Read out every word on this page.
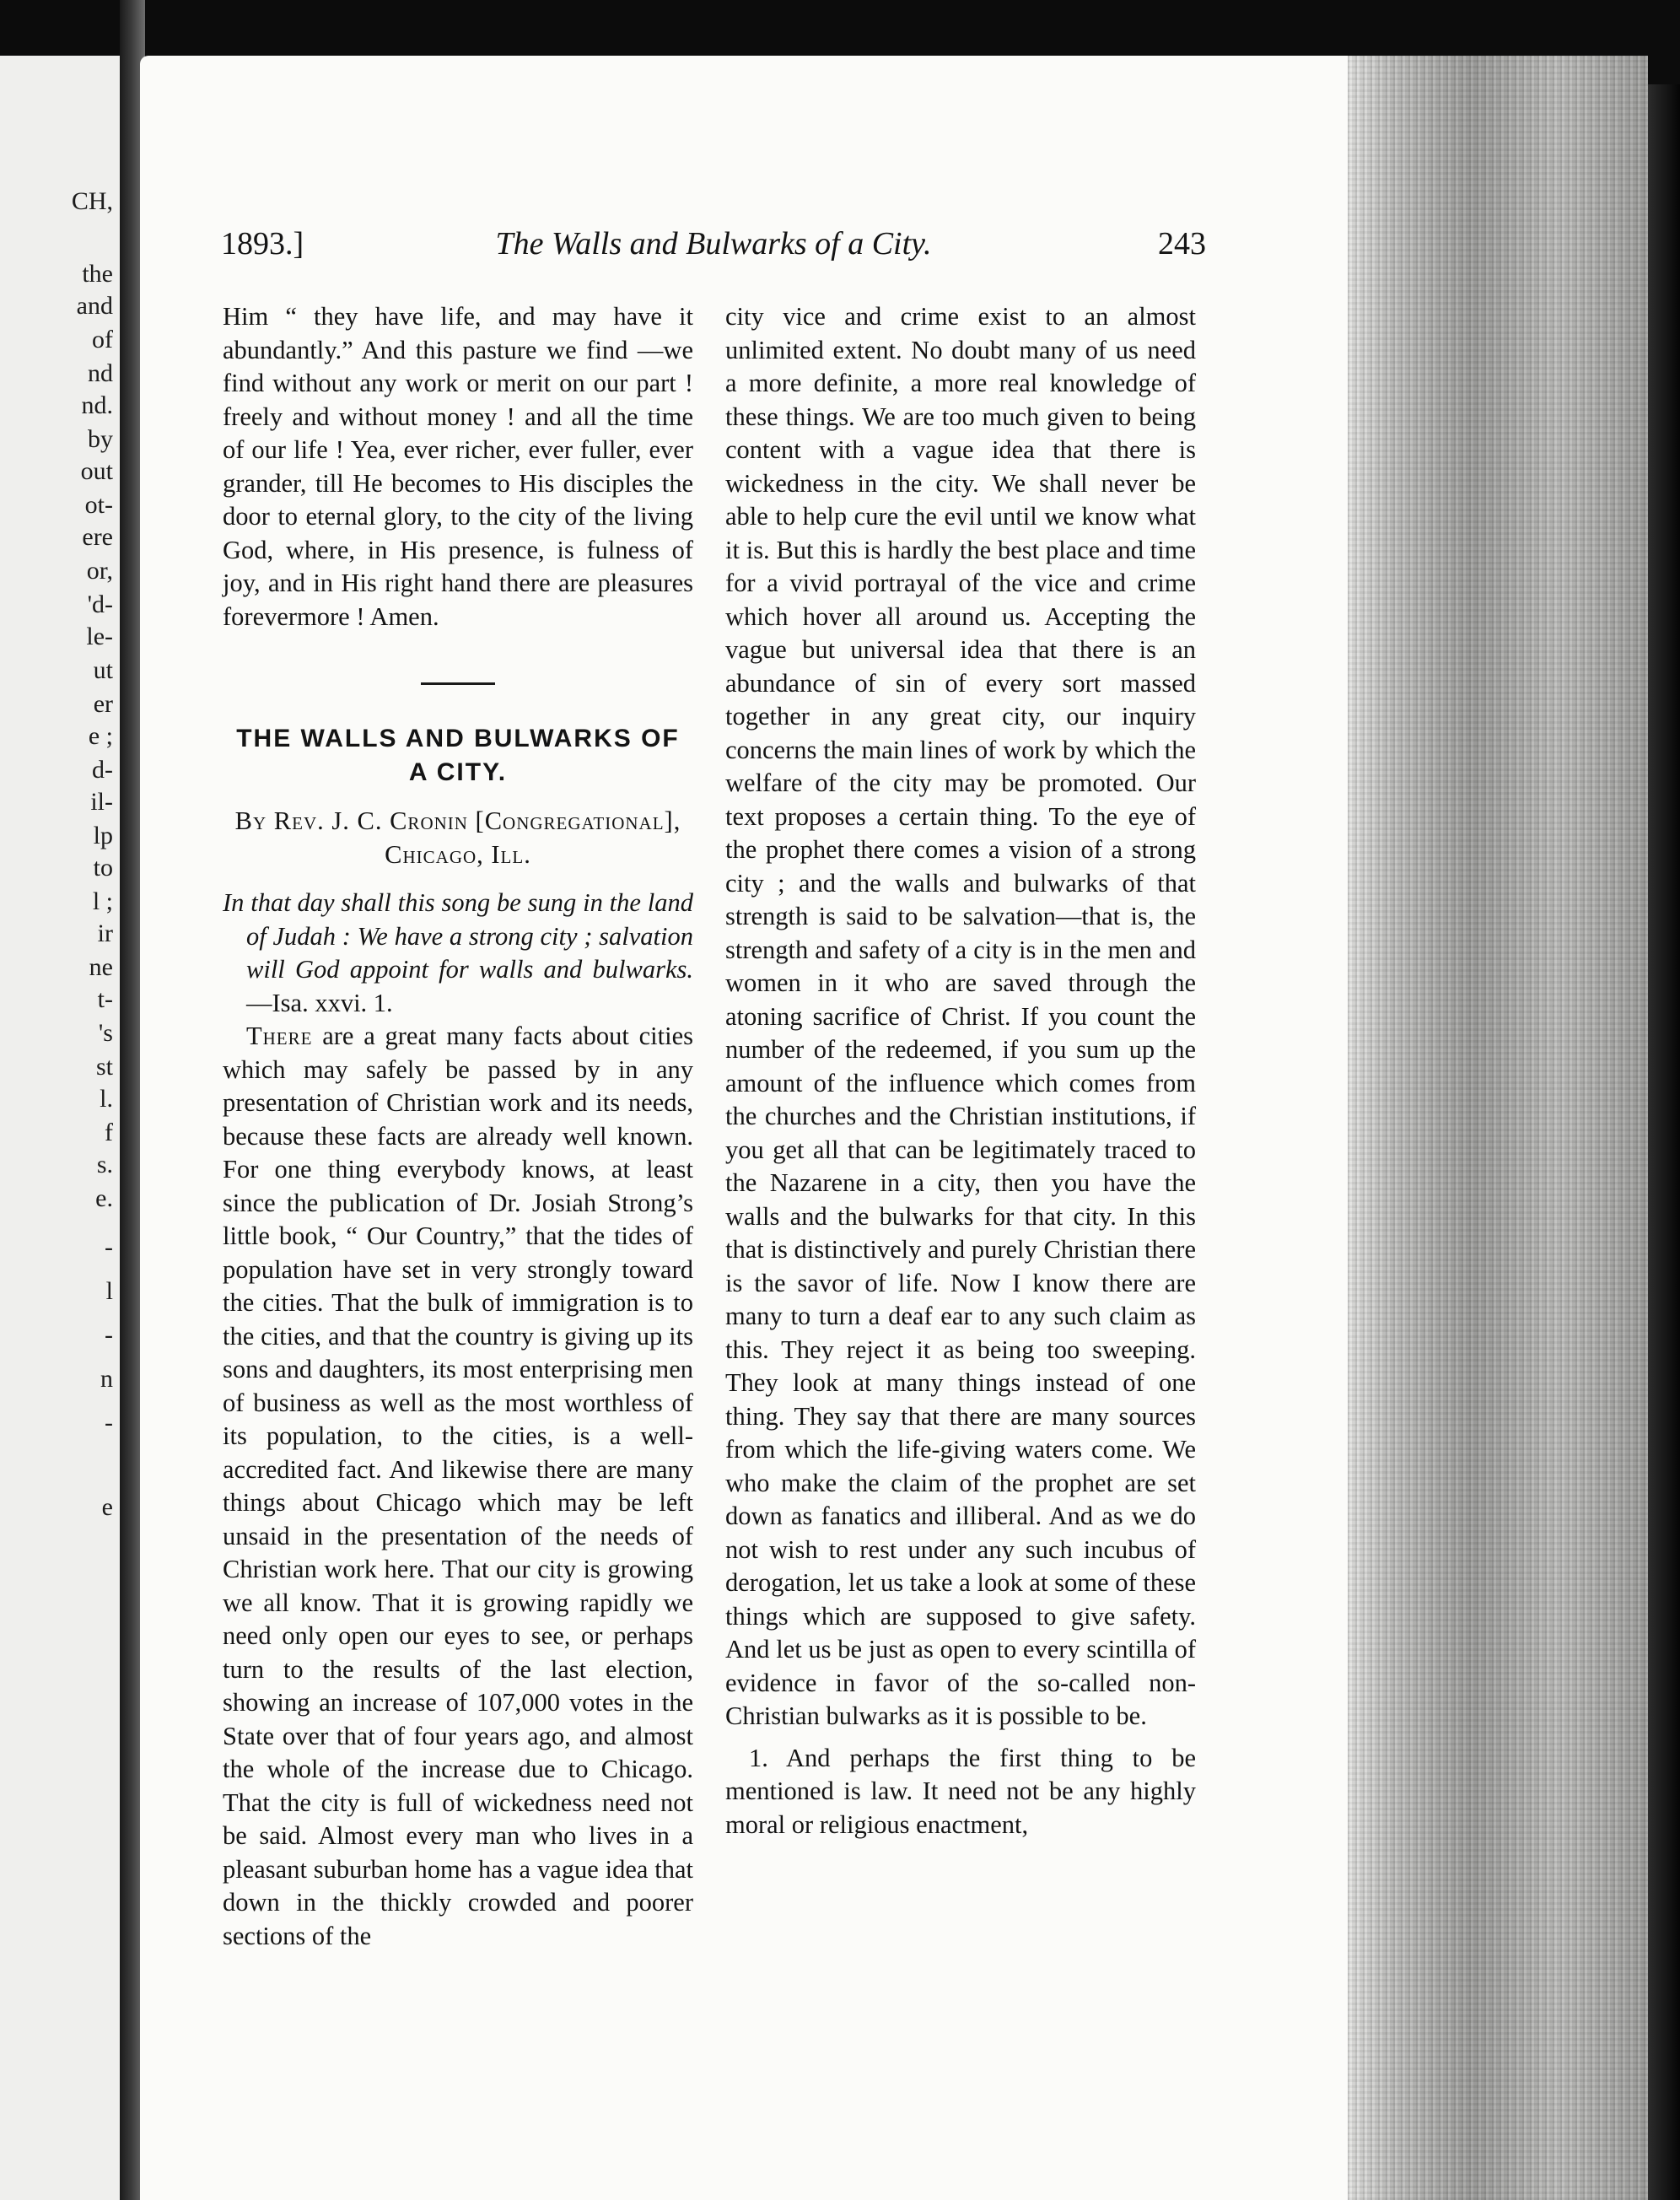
CH,
the
and
of
nd
nd.
by
out
ot-
ere
or,
'd-
le-
ut
er
e ;
d-
il-
lp
to
l ;
ir
ne
t-
's
st
l.
f
s.
e.
-
l
-
n
-
e
1893.]	The Walls and Bulwarks of a City.	243

Him “ they have life, and may have it abundantly.” And this pasture we find —we find without any work or merit on our part ! freely and without money ! and all the time of our life ! Yea, ever richer, ever fuller, ever grander, till He becomes to His disciples the door to eternal glory, to the city of the living God, where, in His presence, is fulness of joy, and in His right hand there are pleasures forevermore ! Amen.

THE WALLS AND BULWARKS OF A CITY.
By Rev. J. C. Cronin [Congregational], Chicago, Ill.

In that day shall this song be sung in the land of Judah : We have a strong city ; salvation will God appoint for walls and bulwarks.—Isa. xxvi. 1.

There are a great many facts about cities which may safely be passed by in any presentation of Christian work and its needs, because these facts are already well known. For one thing everybody knows, at least since the publication of Dr. Josiah Strong’s little book, “ Our Country,” that the tides of population have set in very strongly toward the cities. That the bulk of immigration is to the cities, and that the country is giving up its sons and daughters, its most enterprising men of business as well as the most worthless of its population, to the cities, is a well-accredited fact. And likewise there are many things about Chicago which may be left unsaid in the presentation of the needs of Christian work here. That our city is growing we all know. That it is growing rapidly we need only open our eyes to see, or perhaps turn to the results of the last election, showing an increase of 107,000 votes in the State over that of four years ago, and almost the whole of the increase due to Chicago. That the city is full of wickedness need not be said. Almost every man who lives in a pleasant suburban home has a vague idea that down in the thickly crowded and poorer sections of the

city vice and crime exist to an almost unlimited extent. No doubt many of us need a more definite, a more real knowledge of these things. We are too much given to being content with a vague idea that there is wickedness in the city. We shall never be able to help cure the evil until we know what it is. But this is hardly the best place and time for a vivid portrayal of the vice and crime which hover all around us. Accepting the vague but universal idea that there is an abundance of sin of every sort massed together in any great city, our inquiry concerns the main lines of work by which the welfare of the city may be promoted. Our text proposes a certain thing. To the eye of the prophet there comes a vision of a strong city ; and the walls and bulwarks of that strength is said to be salvation—that is, the strength and safety of a city is in the men and women in it who are saved through the atoning sacrifice of Christ. If you count the number of the redeemed, if you sum up the amount of the influence which comes from the churches and the Christian institutions, if you get all that can be legitimately traced to the Nazarene in a city, then you have the walls and the bulwarks for that city. In this that is distinctively and purely Christian there is the savor of life. Now I know there are many to turn a deaf ear to any such claim as this. They reject it as being too sweeping. They look at many things instead of one thing. They say that there are many sources from which the life-giving waters come. We who make the claim of the prophet are set down as fanatics and illiberal. And as we do not wish to rest under any such incubus of derogation, let us take a look at some of these things which are supposed to give safety. And let us be just as open to every scintilla of evidence in favor of the so-called non-Christian bulwarks as it is possible to be.

1. And perhaps the first thing to be mentioned is law. It need not be any highly moral or religious enactment,
